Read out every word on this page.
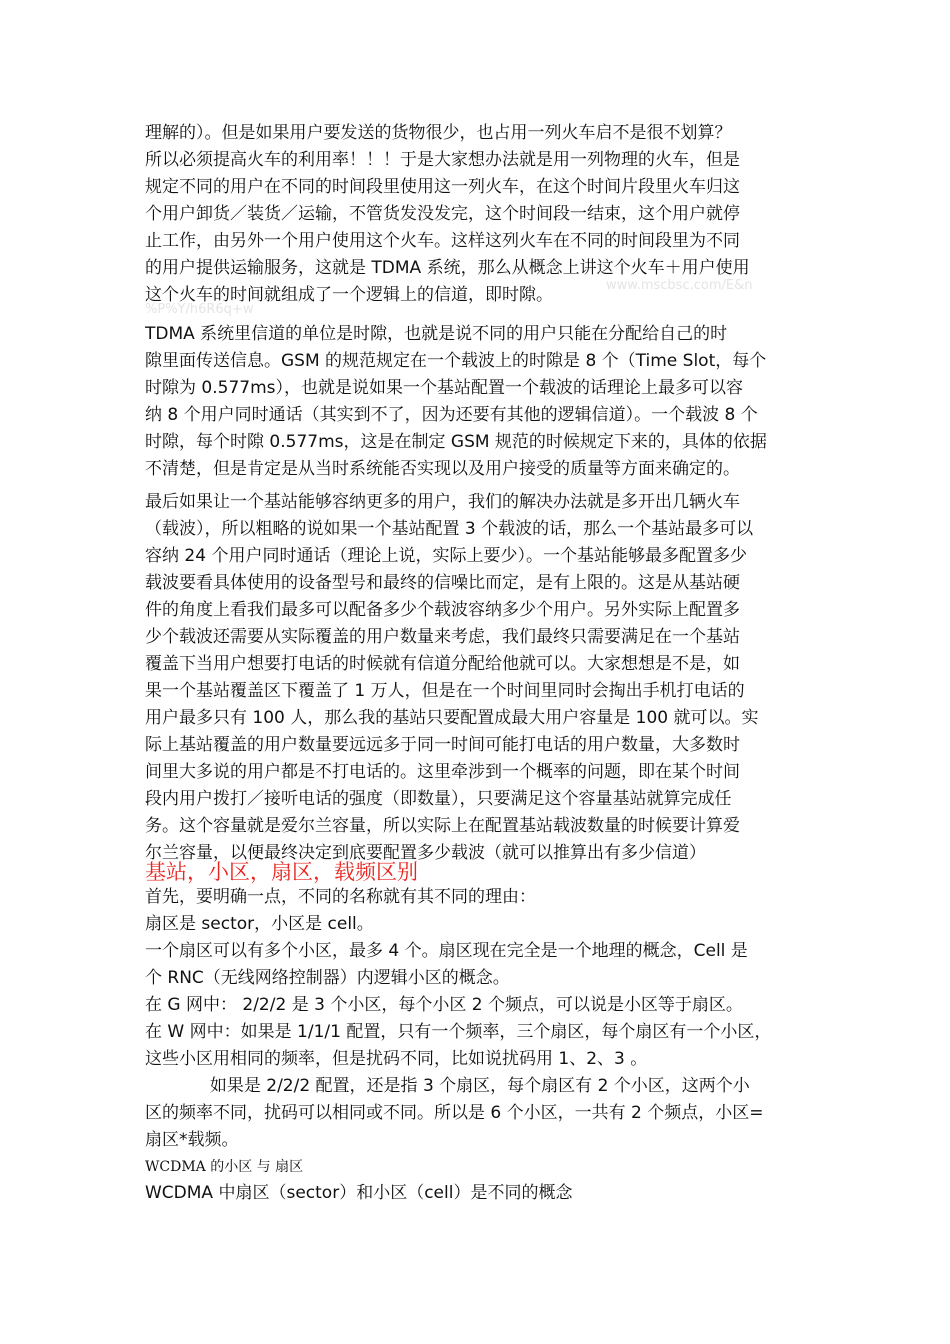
www.mscbsc.com/E&n
%P%Y/h6R6q+w
理解的）。但是如果用户要发送的货物很少，也占用一列火车启不是很不划算？
所以必须提高火车的利用率！！！于是大家想办法就是用一列物理的火车，但是
规定不同的用户在不同的时间段里使用这一列火车，在这个时间片段里火车归这
个用户卸货／装货／运输，不管货发没发完，这个时间段一结束，这个用户就停
止工作，由另外一个用户使用这个火车。这样这列火车在不同的时间段里为不同
的用户提供运输服务，这就是 TDMA 系统，那么从概念上讲这个火车＋用户使用
这个火车的时间就组成了一个逻辑上的信道，即时隙。
TDMA 系统里信道的单位是时隙，也就是说不同的用户只能在分配给自己的时
隙里面传送信息。GSM 的规范规定在一个载波上的时隙是 8 个（Time Slot，每个
时隙为 0.577ms），也就是说如果一个基站配置一个载波的话理论上最多可以容
纳 8 个用户同时通话（其实到不了，因为还要有其他的逻辑信道）。一个载波 8 个
时隙，每个时隙 0.577ms，这是在制定 GSM 规范的时候规定下来的，具体的依据
不清楚，但是肯定是从当时系统能否实现以及用户接受的质量等方面来确定的。
最后如果让一个基站能够容纳更多的用户，我们的解决办法就是多开出几辆火车
（载波），所以粗略的说如果一个基站配置 3 个载波的话，那么一个基站最多可以
容纳 24 个用户同时通话（理论上说，实际上要少）。一个基站能够最多配置多少
载波要看具体使用的设备型号和最终的信噪比而定，是有上限的。这是从基站硬
件的角度上看我们最多可以配备多少个载波容纳多少个用户。另外实际上配置多
少个载波还需要从实际覆盖的用户数量来考虑，我们最终只需要满足在一个基站
覆盖下当用户想要打电话的时候就有信道分配给他就可以。大家想想是不是，如
果一个基站覆盖区下覆盖了 1 万人，但是在一个时间里同时会掏出手机打电话的
用户最多只有 100 人，那么我的基站只要配置成最大用户容量是 100 就可以。实
际上基站覆盖的用户数量要远远多于同一时间可能打电话的用户数量，大多数时
间里大多说的用户都是不打电话的。这里牵涉到一个概率的问题，即在某个时间
段内用户拨打／接听电话的强度（即数量），只要满足这个容量基站就算完成任
务。这个容量就是爱尔兰容量，所以实际上在配置基站载波数量的时候要计算爱
尔兰容量，以便最终决定到底要配置多少载波（就可以推算出有多少信道）
基站，小区，扇区，载频区别
首先，要明确一点，不同的名称就有其不同的理由：
扇区是 sector，小区是 cell。
一个扇区可以有多个小区，最多 4 个。扇区现在完全是一个地理的概念，Cell 是
个 RNC（无线网络控制器）内逻辑小区的概念。
在 G 网中： 2/2/2 是 3 个小区，每个小区 2 个频点，可以说是小区等于扇区。
在 W 网中：如果是 1/1/1 配置，只有一个频率，三个扇区，每个扇区有一个小区，
这些小区用相同的频率，但是扰码不同，比如说扰码用 1、2、3 。
如果是 2/2/2 配置，还是指 3 个扇区，每个扇区有 2 个小区，这两个小
区的频率不同，扰码可以相同或不同。所以是 6 个小区，一共有 2 个频点，小区=
扇区*载频。
WCDMA 的小区 与 扇区
WCDMA 中扇区（sector）和小区（cell）是不同的概念
